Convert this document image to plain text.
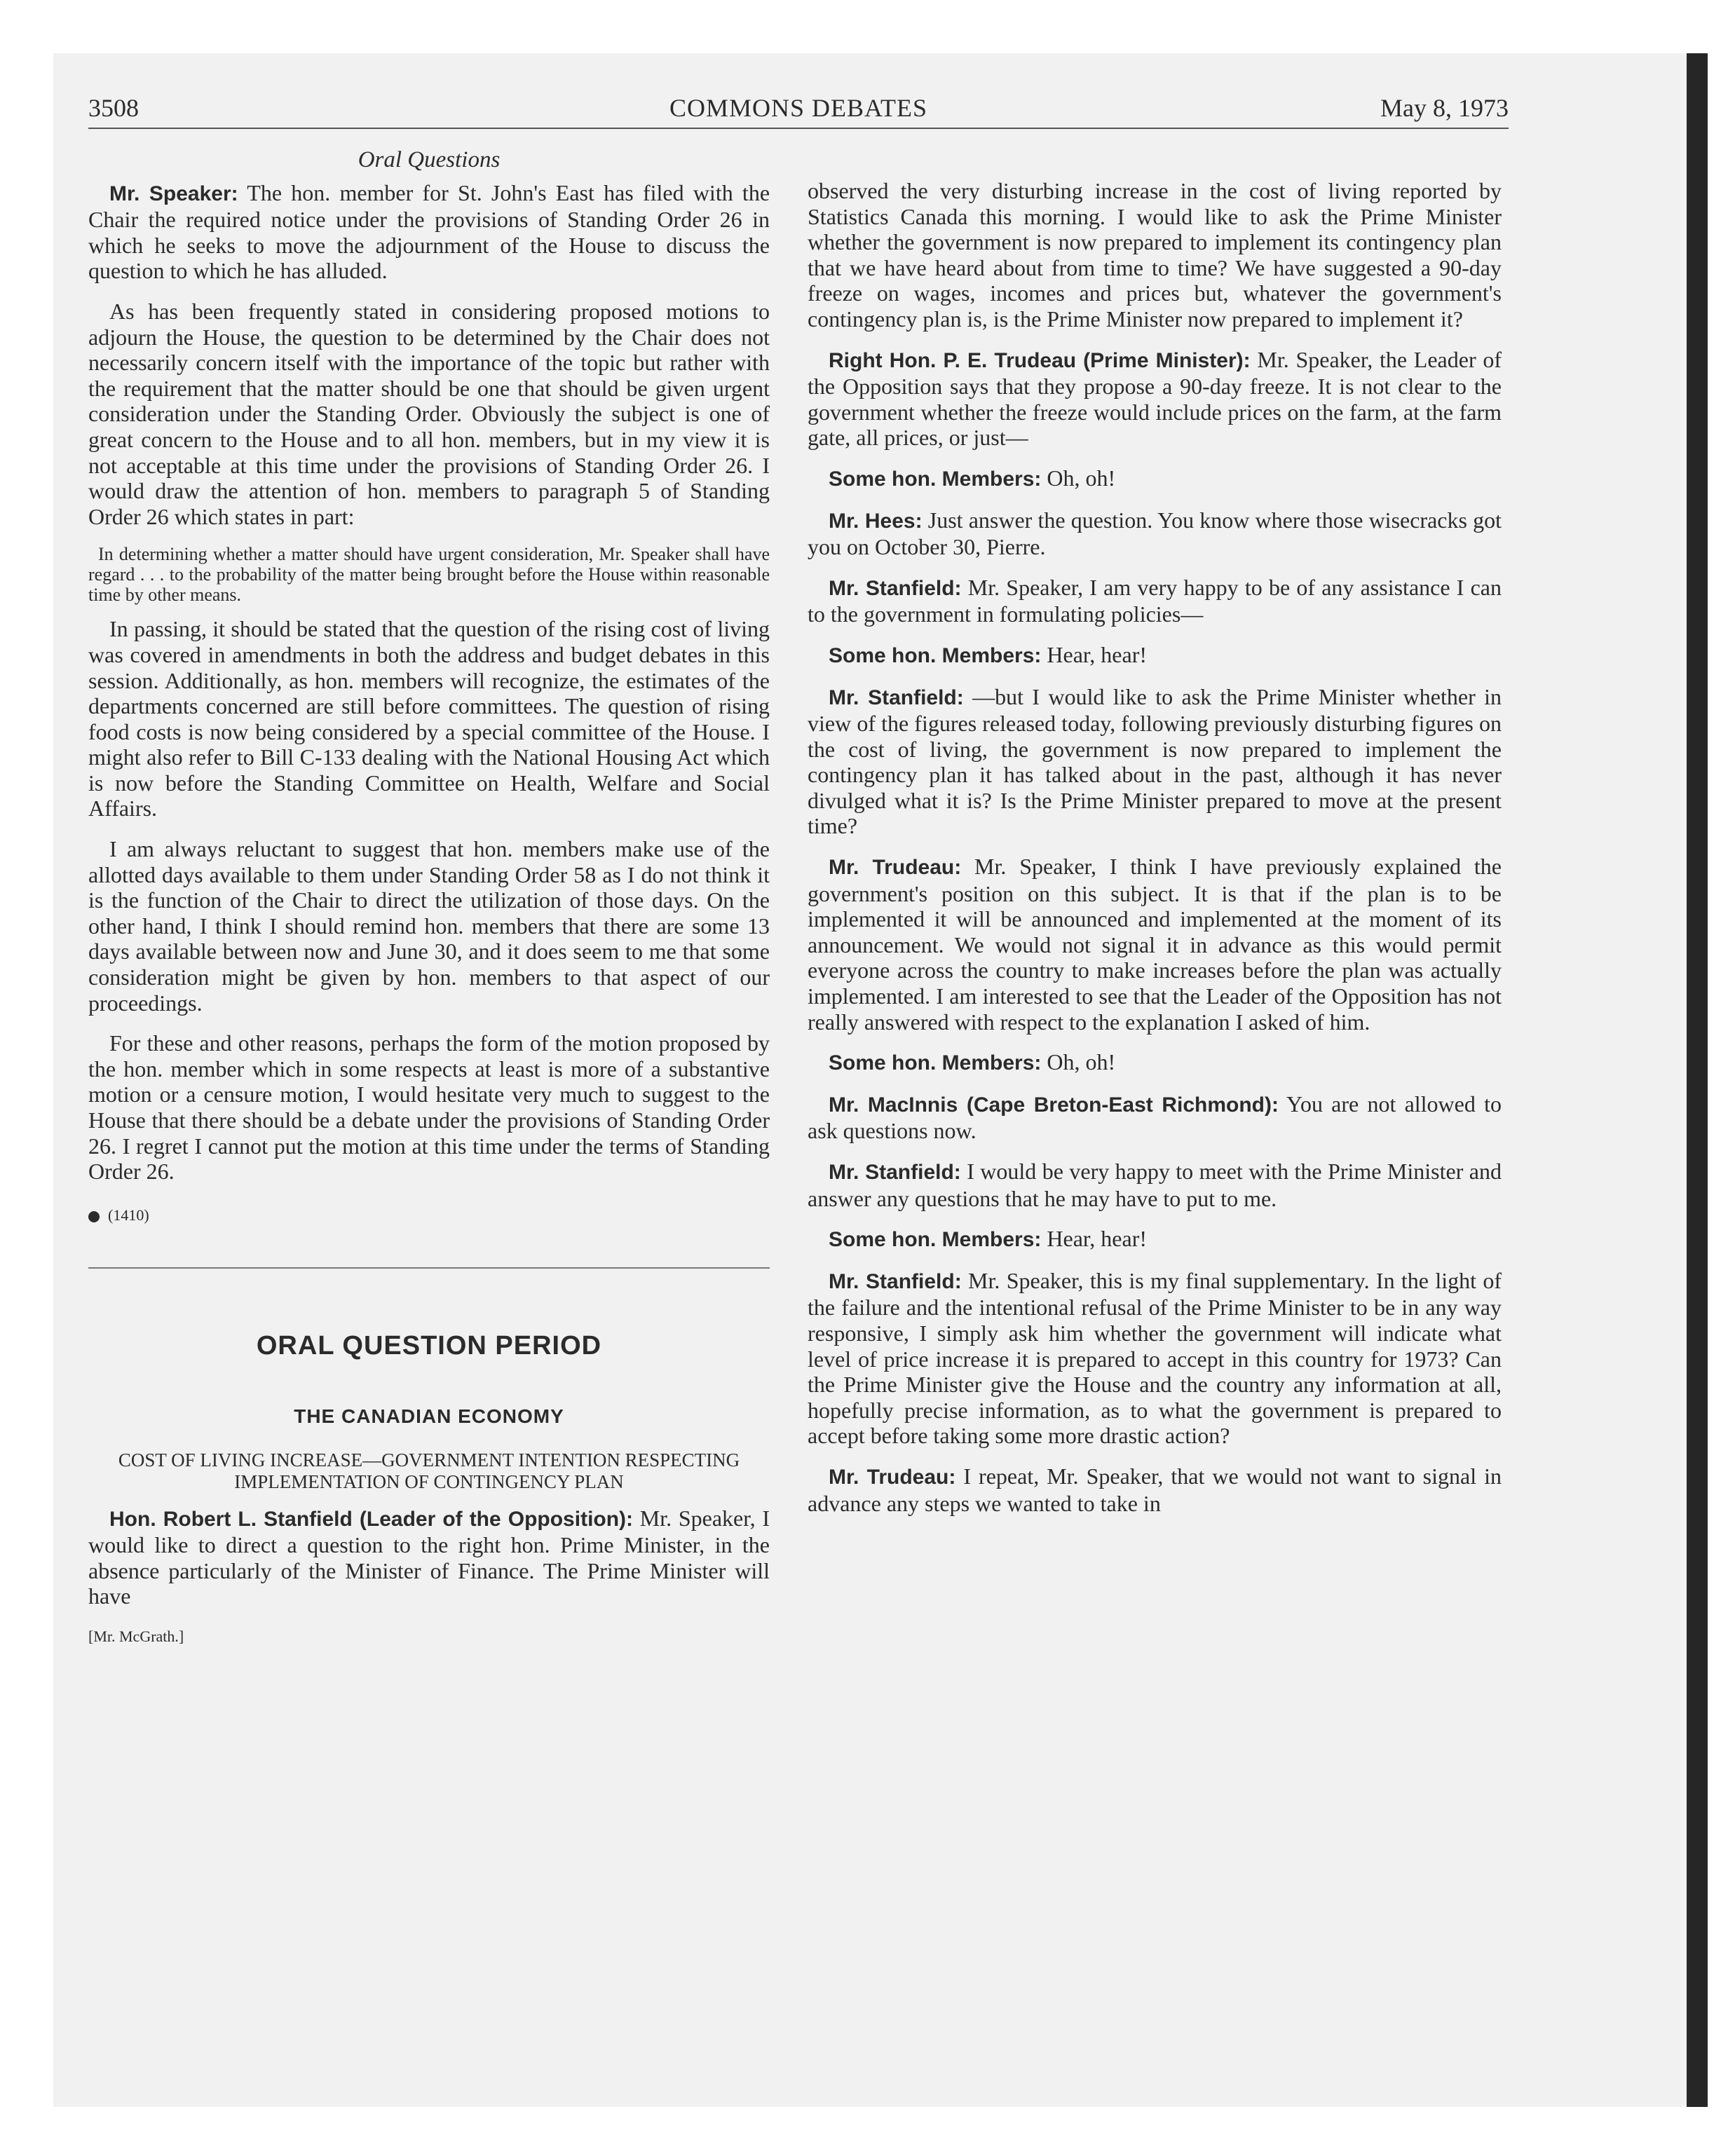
3508	COMMONS DEBATES	May 8, 1973
Oral Questions

Mr. Speaker: The hon. member for St. John's East has filed with the Chair the required notice under the provisions of Standing Order 26 in which he seeks to move the adjournment of the House to discuss the question to which he has alluded.

As has been frequently stated in considering proposed motions to adjourn the House, the question to be determined by the Chair does not necessarily concern itself with the importance of the topic but rather with the requirement that the matter should be one that should be given urgent consideration under the Standing Order. Obviously the subject is one of great concern to the House and to all hon. members, but in my view it is not acceptable at this time under the provisions of Standing Order 26. I would draw the attention of hon. members to paragraph 5 of Standing Order 26 which states in part:

In determining whether a matter should have urgent consideration, Mr. Speaker shall have regard . . . to the probability of the matter being brought before the House within reasonable time by other means.

In passing, it should be stated that the question of the rising cost of living was covered in amendments in both the address and budget debates in this session. Additionally, as hon. members will recognize, the estimates of the departments concerned are still before committees. The question of rising food costs is now being considered by a special committee of the House. I might also refer to Bill C-133 dealing with the National Housing Act which is now before the Standing Committee on Health, Welfare and Social Affairs.

I am always reluctant to suggest that hon. members make use of the allotted days available to them under Standing Order 58 as I do not think it is the function of the Chair to direct the utilization of those days. On the other hand, I think I should remind hon. members that there are some 13 days available between now and June 30, and it does seem to me that some consideration might be given by hon. members to that aspect of our proceedings.

For these and other reasons, perhaps the form of the motion proposed by the hon. member which in some respects at least is more of a substantive motion or a censure motion, I would hesitate very much to suggest to the House that there should be a debate under the provisions of Standing Order 26. I regret I cannot put the motion at this time under the terms of Standing Order 26.

(1410)
ORAL QUESTION PERIOD
THE CANADIAN ECONOMY
COST OF LIVING INCREASE—GOVERNMENT INTENTION RESPECTING IMPLEMENTATION OF CONTINGENCY PLAN

Hon. Robert L. Stanfield (Leader of the Opposition): Mr. Speaker, I would like to direct a question to the right hon. Prime Minister, in the absence particularly of the Minister of Finance. The Prime Minister will have

[Mr. McGrath.]

observed the very disturbing increase in the cost of living reported by Statistics Canada this morning. I would like to ask the Prime Minister whether the government is now prepared to implement its contingency plan that we have heard about from time to time? We have suggested a 90-day freeze on wages, incomes and prices but, whatever the government's contingency plan is, is the Prime Minister now prepared to implement it?

Right Hon. P. E. Trudeau (Prime Minister): Mr. Speaker, the Leader of the Opposition says that they propose a 90-day freeze. It is not clear to the government whether the freeze would include prices on the farm, at the farm gate, all prices, or just—

Some hon. Members: Oh, oh!

Mr. Hees: Just answer the question. You know where those wisecracks got you on October 30, Pierre.

Mr. Stanfield: Mr. Speaker, I am very happy to be of any assistance I can to the government in formulating policies—

Some hon. Members: Hear, hear!

Mr. Stanfield: —but I would like to ask the Prime Minister whether in view of the figures released today, following previously disturbing figures on the cost of living, the government is now prepared to implement the contingency plan it has talked about in the past, although it has never divulged what it is? Is the Prime Minister prepared to move at the present time?

Mr. Trudeau: Mr. Speaker, I think I have previously explained the government's position on this subject. It is that if the plan is to be implemented it will be announced and implemented at the moment of its announcement. We would not signal it in advance as this would permit everyone across the country to make increases before the plan was actually implemented. I am interested to see that the Leader of the Opposition has not really answered with respect to the explanation I asked of him.

Some hon. Members: Oh, oh!

Mr. MacInnis (Cape Breton-East Richmond): You are not allowed to ask questions now.

Mr. Stanfield: I would be very happy to meet with the Prime Minister and answer any questions that he may have to put to me.

Some hon. Members: Hear, hear!

Mr. Stanfield: Mr. Speaker, this is my final supplementary. In the light of the failure and the intentional refusal of the Prime Minister to be in any way responsive, I simply ask him whether the government will indicate what level of price increase it is prepared to accept in this country for 1973? Can the Prime Minister give the House and the country any information at all, hopefully precise information, as to what the government is prepared to accept before taking some more drastic action?

Mr. Trudeau: I repeat, Mr. Speaker, that we would not want to signal in advance any steps we wanted to take in
